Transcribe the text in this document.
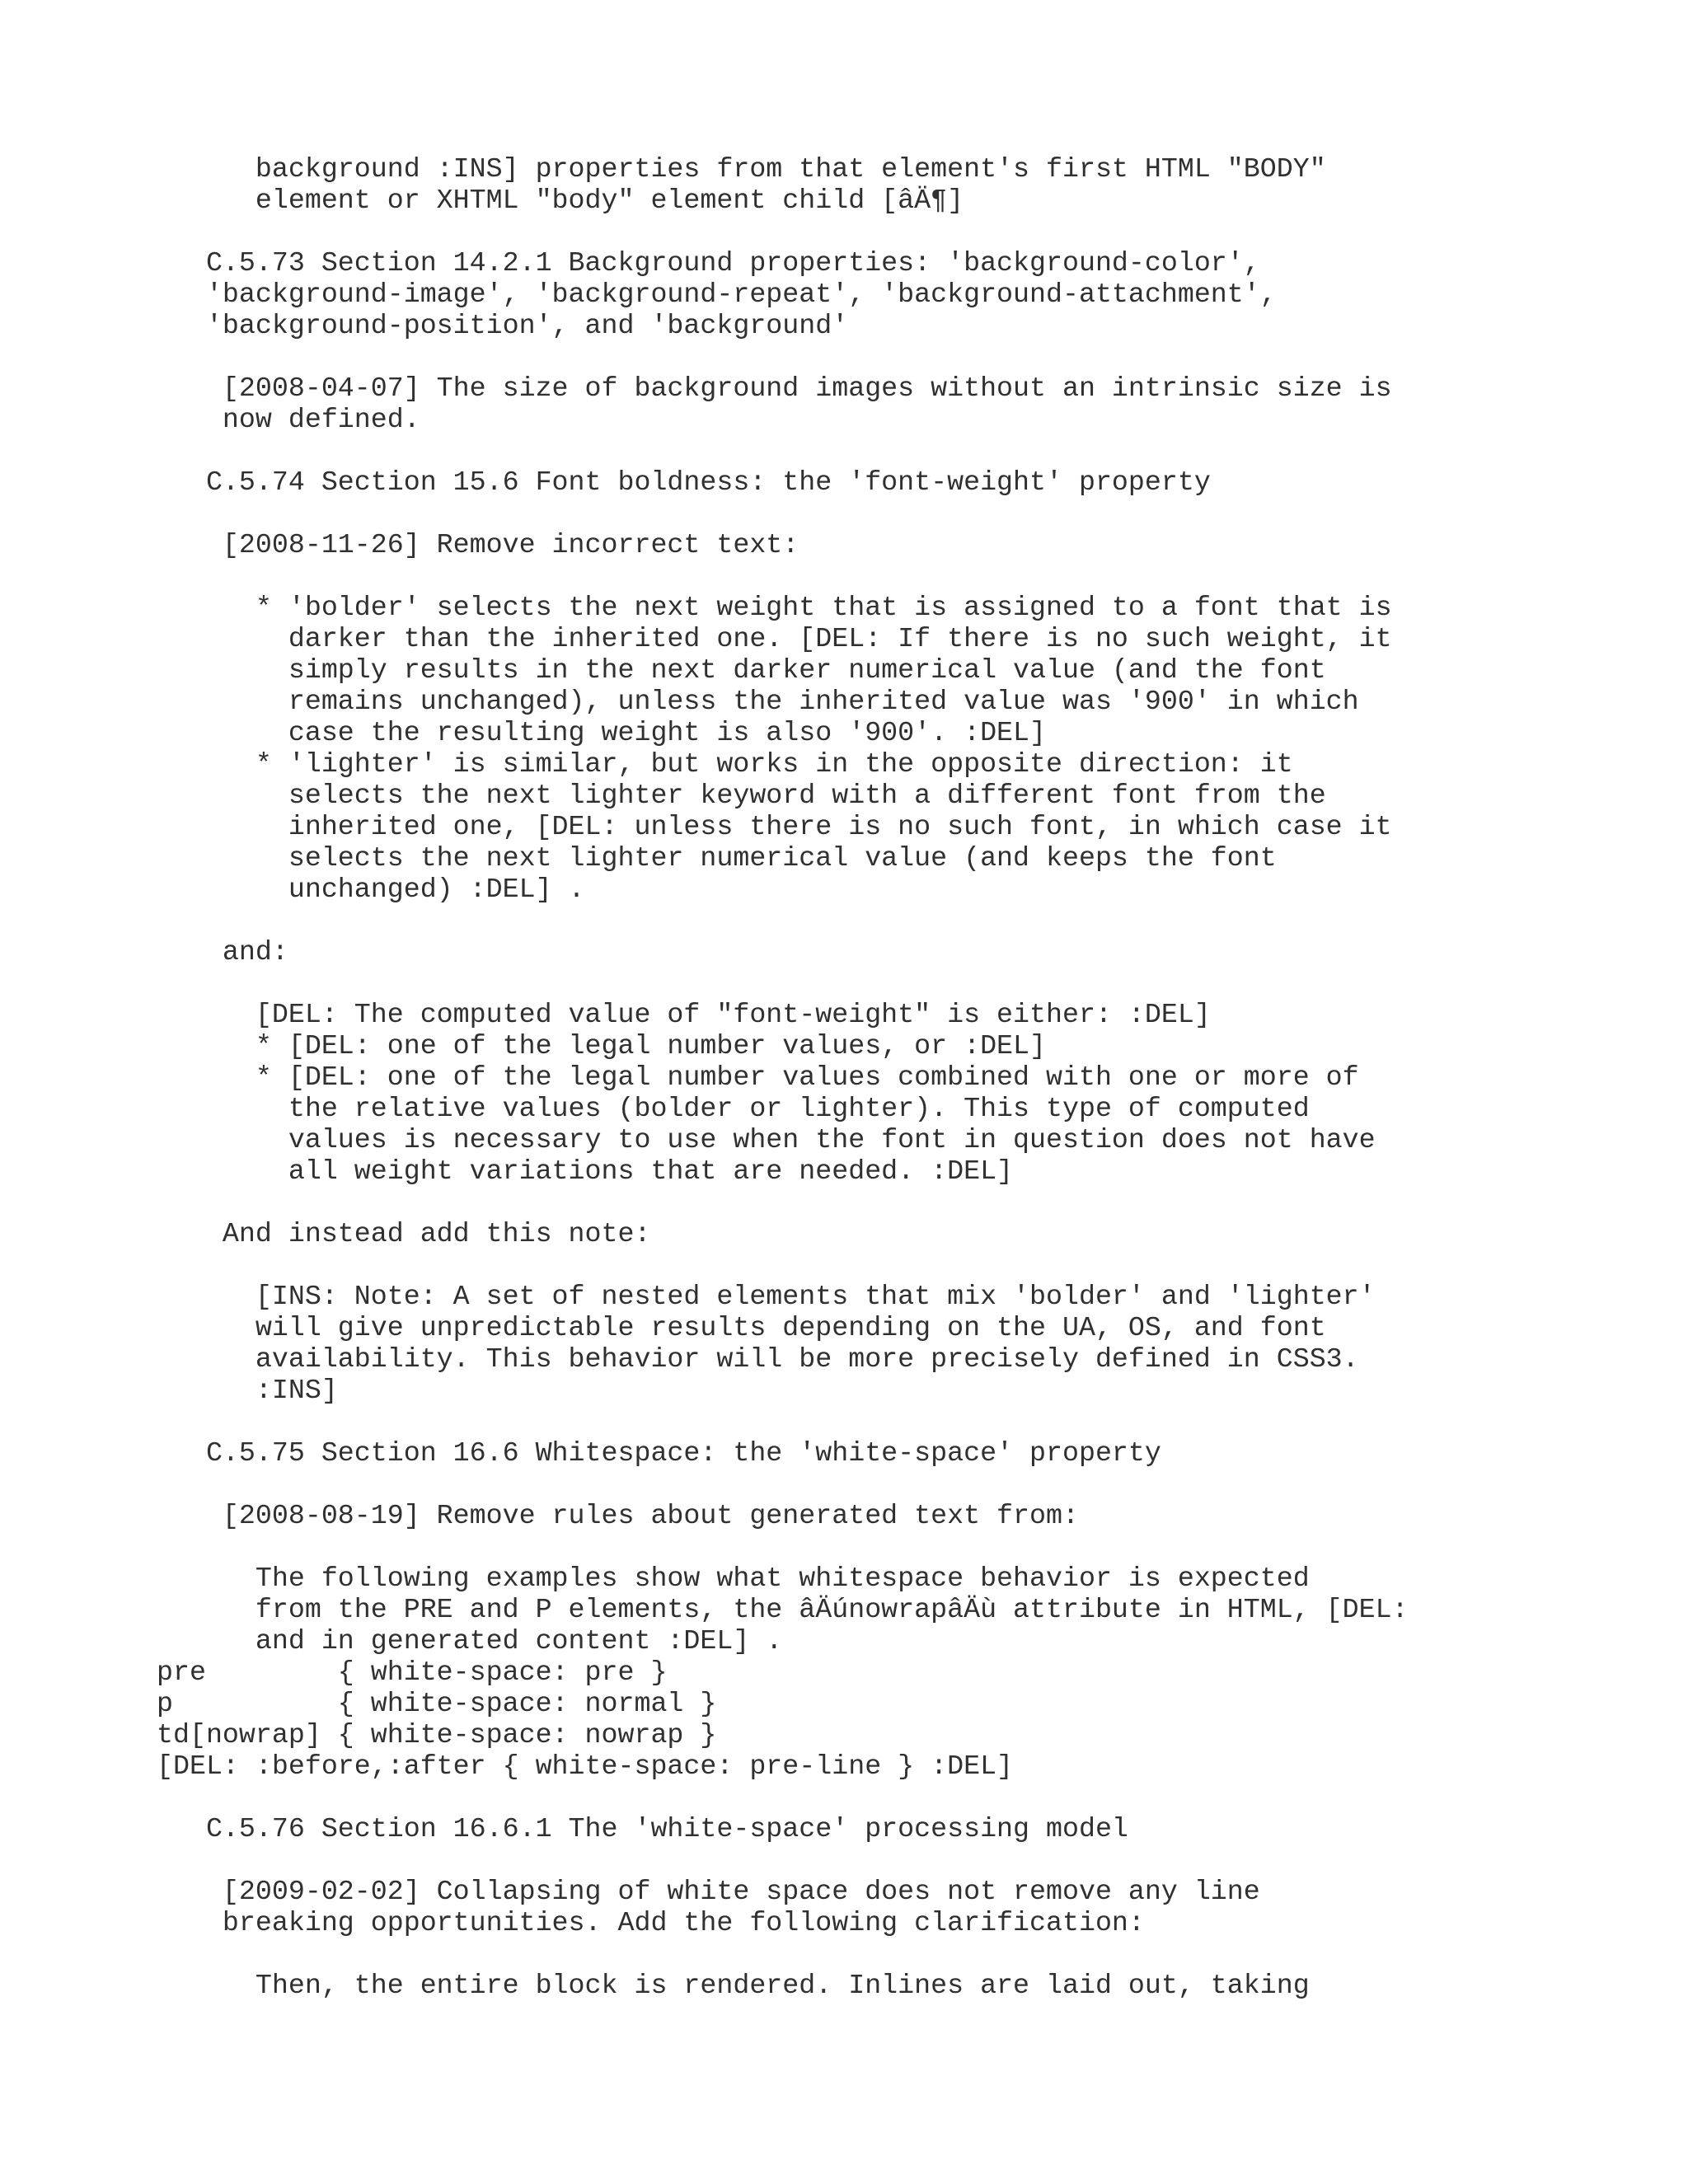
background :INS] properties from that element's first HTML "BODY"
element or XHTML "body" element child [âÄ¶]
C.5.73 Section 14.2.1 Background properties: 'background-color',
'background-image', 'background-repeat', 'background-attachment',
'background-position', and 'background'
[2008-04-07] The size of background images without an intrinsic size is
now defined.
C.5.74 Section 15.6 Font boldness: the 'font-weight' property
[2008-11-26] Remove incorrect text:
* 'bolder' selects the next weight that is assigned to a font that is
darker than the inherited one. [DEL: If there is no such weight, it
simply results in the next darker numerical value (and the font
remains unchanged), unless the inherited value was '900' in which
case the resulting weight is also '900'. :DEL]
* 'lighter' is similar, but works in the opposite direction: it
selects the next lighter keyword with a different font from the
inherited one, [DEL: unless there is no such font, in which case it
selects the next lighter numerical value (and keeps the font
unchanged) :DEL] .
and:
[DEL: The computed value of "font-weight" is either: :DEL]
* [DEL: one of the legal number values, or :DEL]
* [DEL: one of the legal number values combined with one or more of
the relative values (bolder or lighter). This type of computed
values is necessary to use when the font in question does not have
all weight variations that are needed. :DEL]
And instead add this note:
[INS: Note: A set of nested elements that mix 'bolder' and 'lighter'
will give unpredictable results depending on the UA, OS, and font
availability. This behavior will be more precisely defined in CSS3.
:INS]
C.5.75 Section 16.6 Whitespace: the 'white-space' property
[2008-08-19] Remove rules about generated text from:
The following examples show what whitespace behavior is expected
from the PRE and P elements, the âÄúnowrapâÄù attribute in HTML, [DEL:
and in generated content :DEL] .
pre        { white-space: pre }
p          { white-space: normal }
td[nowrap] { white-space: nowrap }
[DEL: :before,:after { white-space: pre-line } :DEL]
C.5.76 Section 16.6.1 The 'white-space' processing model
[2009-02-02] Collapsing of white space does not remove any line
breaking opportunities. Add the following clarification:
Then, the entire block is rendered. Inlines are laid out, taking
